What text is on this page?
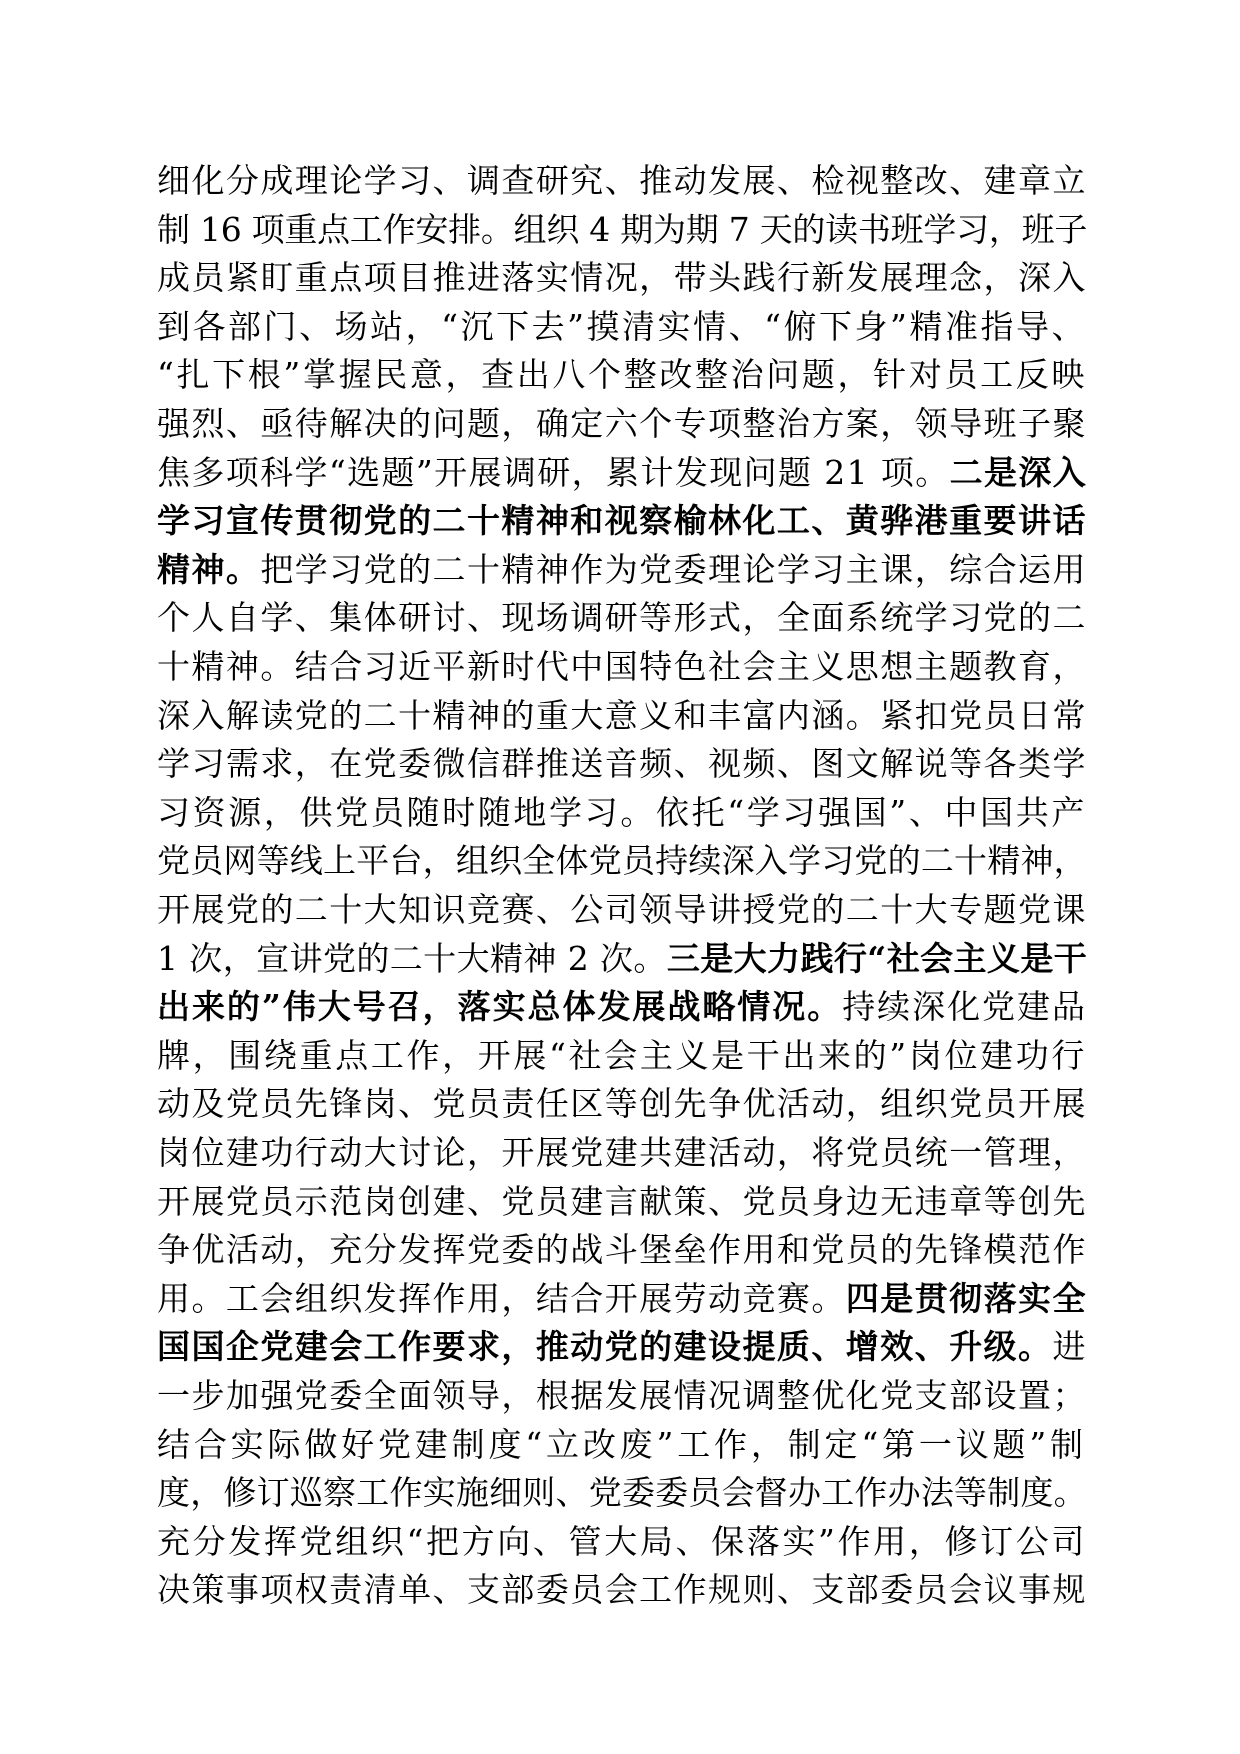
细化分成理论学习、调查研究、推动发展、检视整改、建章立
制 16 项重点工作安排。组织 4 期为期 7 天的读书班学习，班子
成员紧盯重点项目推进落实情况，带头践行新发展理念，深入
到各部门、场站，“沉下去”摸清实情、“俯下身”精准指导、
“扎下根”掌握民意，查出八个整改整治问题，针对员工反映
强烈、亟待解决的问题，确定六个专项整治方案，领导班子聚
焦多项科学“选题”开展调研，累计发现问题 21 项。二是深入
学习宣传贯彻党的二十精神和视察榆林化工、黄骅港重要讲话
精神。把学习党的二十精神作为党委理论学习主课，综合运用
个人自学、集体研讨、现场调研等形式，全面系统学习党的二
十精神。结合习近平新时代中国特色社会主义思想主题教育，
深入解读党的二十精神的重大意义和丰富内涵。紧扣党员日常
学习需求，在党委微信群推送音频、视频、图文解说等各类学
习资源，供党员随时随地学习。依托“学习强国”、中国共产
党员网等线上平台，组织全体党员持续深入学习党的二十精神，
开展党的二十大知识竞赛、公司领导讲授党的二十大专题党课
1 次，宣讲党的二十大精神 2 次。三是大力践行“社会主义是干
出来的”伟大号召，落实总体发展战略情况。持续深化党建品
牌，围绕重点工作，开展“社会主义是干出来的”岗位建功行
动及党员先锋岗、党员责任区等创先争优活动，组织党员开展
岗位建功行动大讨论，开展党建共建活动，将党员统一管理，
开展党员示范岗创建、党员建言献策、党员身边无违章等创先
争优活动，充分发挥党委的战斗堡垒作用和党员的先锋模范作
用。工会组织发挥作用，结合开展劳动竞赛。四是贯彻落实全
国国企党建会工作要求，推动党的建设提质、增效、升级。进
一步加强党委全面领导，根据发展情况调整优化党支部设置；
结合实际做好党建制度“立改废”工作，制定“第一议题”制
度，修订巡察工作实施细则、党委委员会督办工作办法等制度。
充分发挥党组织“把方向、管大局、保落实”作用，修订公司
决策事项权责清单、支部委员会工作规则、支部委员会议事规
